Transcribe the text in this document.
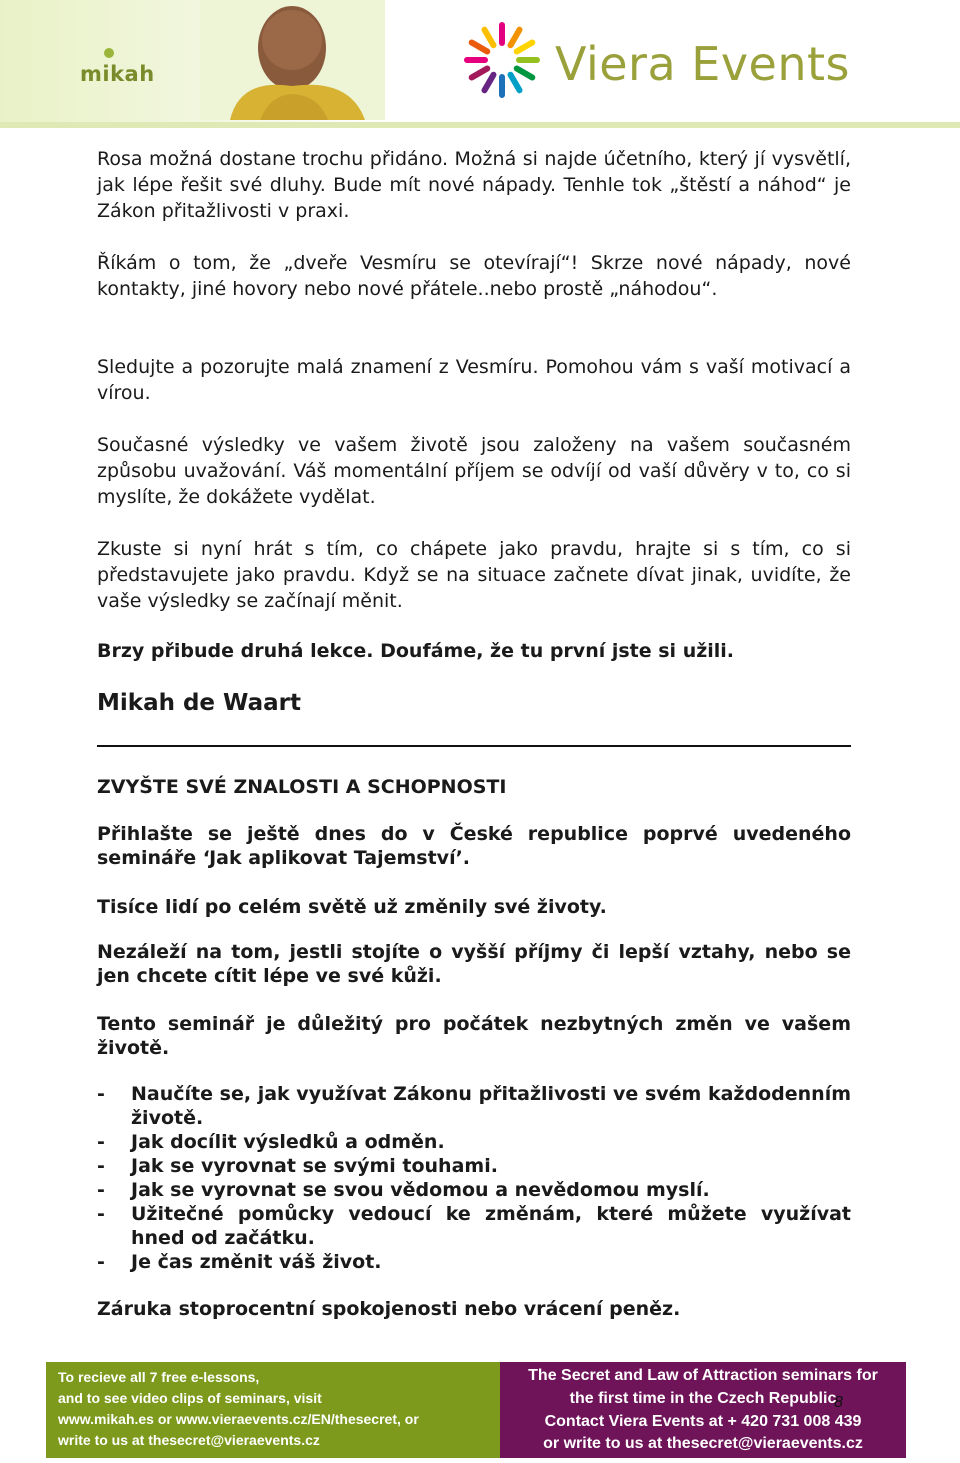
mikah	Viera Events

Rosa možná dostane trochu přidáno. Možná si najde účetního, který jí vysvětlí, jak lépe řešit své dluhy. Bude mít nové nápady. Tenhle tok „štěstí a náhod“ je Zákon přitažlivosti v praxi.

Říkám o tom, že „dveře Vesmíru se otevírají“! Skrze nové nápady, nové kontakty, jiné hovory nebo nové přátele..nebo prostě „náhodou“.

Sledujte a pozorujte malá znamení z Vesmíru. Pomohou vám s vaší motivací a vírou.

Současné výsledky ve vašem životě jsou založeny na vašem současném způsobu uvažování. Váš momentální příjem se odvíjí od vaší důvěry v to, co si myslíte, že dokážete vydělat.

Zkuste si nyní hrát s tím, co chápete jako pravdu, hrajte si s tím, co si představujete jako pravdu. Když se na situace začnete dívat jinak, uvidíte, že vaše výsledky se začínají měnit.

Brzy přibude druhá lekce. Doufáme, že tu první jste si užili.

Mikah de Waart

ZVYŠTE SVÉ ZNALOSTI A SCHOPNOSTI

Přihlašte se ještě dnes do v České republice poprvé uvedeného semináře ‘Jak aplikovat Tajemství’.

Tisíce lidí po celém světě už změnily své životy.

Nezáleží na tom, jestli stojíte o vyšší příjmy či lepší vztahy, nebo se jen chcete cítit lépe ve své kůži.

Tento seminář je důležitý pro počátek nezbytných změn ve vašem životě.

- Naučíte se, jak využívat Zákonu přitažlivosti ve svém každodenním životě.
- Jak docílit výsledků a odměn.
- Jak se vyrovnat se svými touhami.
- Jak se vyrovnat se svou vědomou a nevědomou myslí.
- Užitečné pomůcky vedoucí ke změnám, které můžete využívat hned od začátku.
- Je čas změnit váš život.

Záruka stoprocentní spokojenosti nebo vrácení peněz.

To recieve all 7 free e-lessons,
and to see video clips of seminars, visit
www.mikah.es or www.vieraevents.cz/EN/thesecret, or
write to us at thesecret@vieraevents.cz
The Secret and Law of Attraction seminars for
the first time in the Czech Republic
Contact Viera Events at + 420 731 008 439
or write to us at thesecret@vieraevents.cz
8
